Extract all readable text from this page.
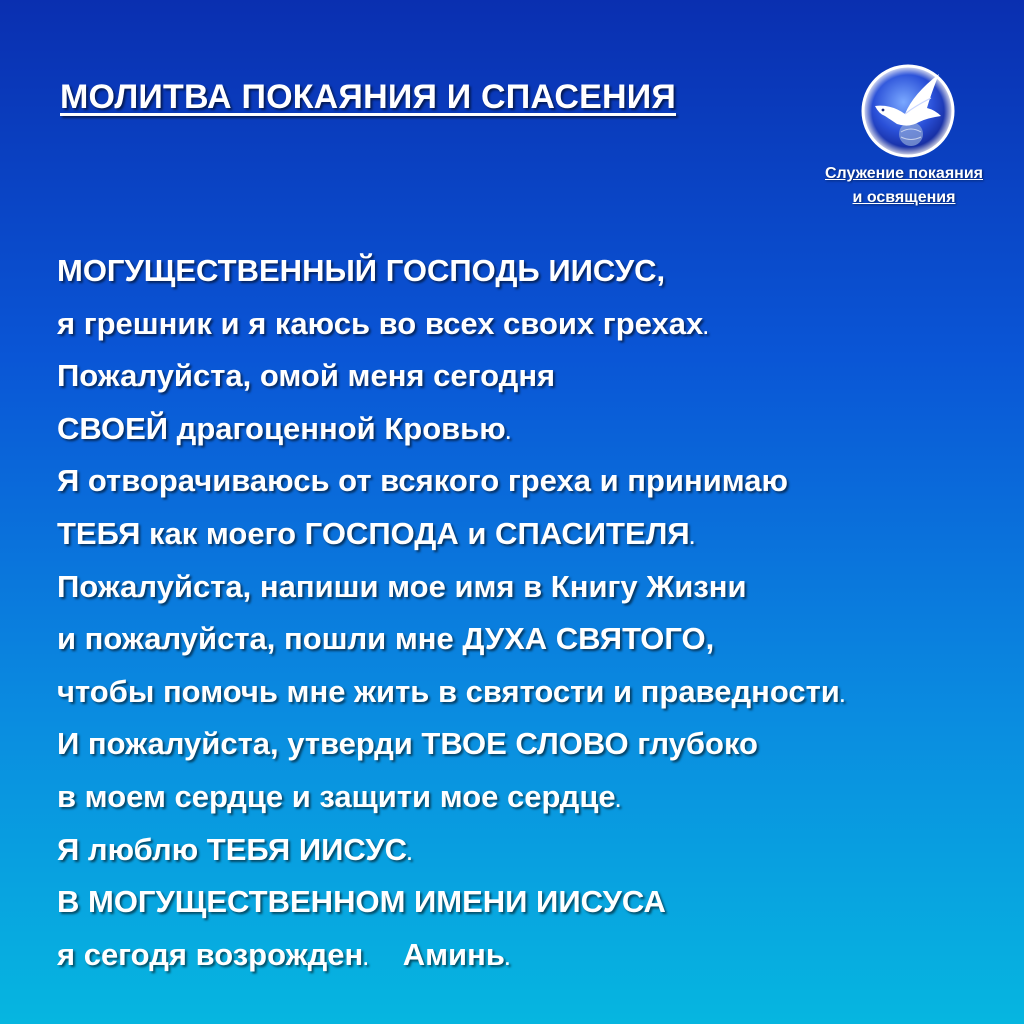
МОЛИТВА ПОКАЯНИЯ И СПАСЕНИЯ
Служение покаяния
и освящения
МОГУЩЕСТВЕННЫЙ ГОСПОДЬ ИИСУС,
я грешник и я каюсь во всех своих грехах.
Пожалуйста, омой меня сегодня
СВОЕЙ драгоценной Кровью.
Я отворачиваюсь от всякого греха и принимаю
ТЕБЯ как моего ГОСПОДА и СПАСИТЕЛЯ.
Пожалуйста, напиши мое имя в Книгу Жизни
и пожалуйста, пошли мне ДУХА СВЯТОГО,
чтобы помочь мне жить в святости и праведности.
И пожалуйста, утверди ТВОЕ СЛОВО глубоко
в моем сердце и защити мое сердце.
Я люблю ТЕБЯ ИИСУС.
В МОГУЩЕСТВЕННОМ ИМЕНИ ИИСУСА
я сегодя возрожден. Аминь.
